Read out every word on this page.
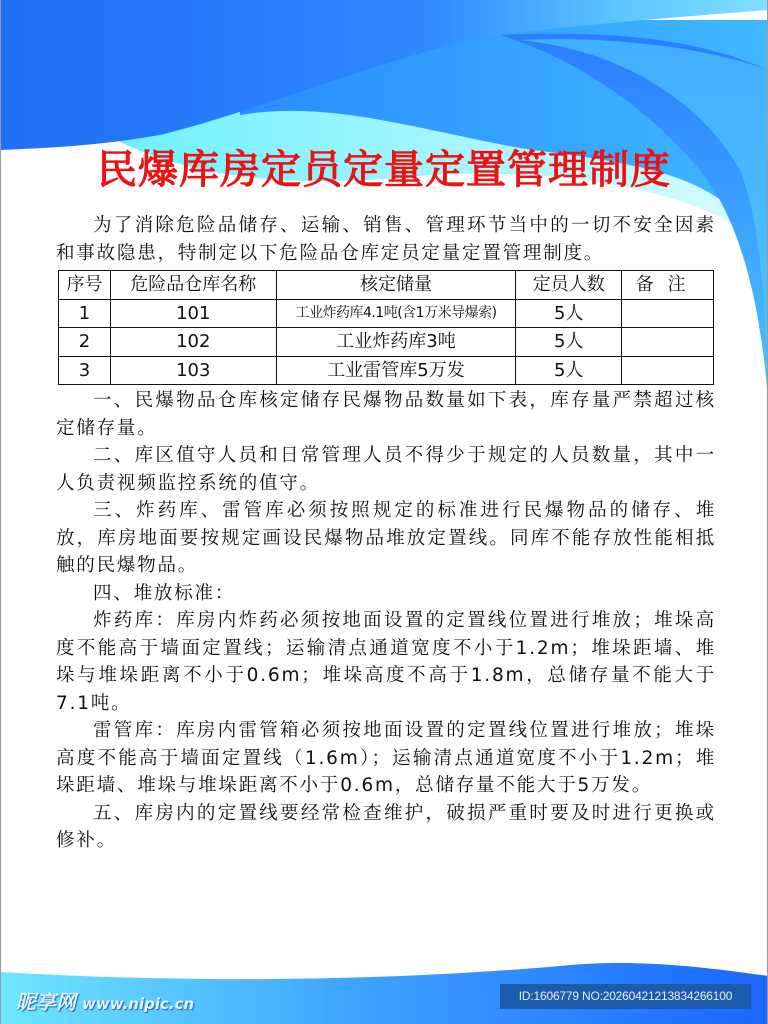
民爆库房定员定量定置管理制度

为了消除危险品储存、运输、销售、管理环节当中的一切不安全因素和事故隐患，特制定以下危险品仓库定员定量定置管理制度。

序号	危险品仓库名称	核定储量	定员人数	备注
1	101	工业炸药库4.1吨(含1万米导爆索)	5人	
2	102	工业炸药库3吨	5人	
3	103	工业雷管库5万发	5人	

一、民爆物品仓库核定储存民爆物品数量如下表，库存量严禁超过核定储存量。

二、库区值守人员和日常管理人员不得少于规定的人员数量，其中一人负责视频监控系统的值守。

三、炸药库、雷管库必须按照规定的标准进行民爆物品的储存、堆放，库房地面要按规定画设民爆物品堆放定置线。同库不能存放性能相抵触的民爆物品。

四、堆放标准：

炸药库：库房内炸药必须按地面设置的定置线位置进行堆放；堆垛高度不能高于墙面定置线；运输清点通道宽度不小于1.2m；堆垛距墙、堆垛与堆垛距离不小于0.6m；堆垛高度不高于1.8m，总储存量不能大于7.1吨。

雷管库：库房内雷管箱必须按地面设置的定置线位置进行堆放；堆垛高度不能高于墙面定置线（1.6m）；运输清点通道宽度不小于1.2m；堆垛距墙、堆垛与堆垛距离不小于0.6m，总储存量不能大于5万发。

五、库房内的定置线要经常检查维护，破损严重时要及时进行更换或修补。

昵享网 www.nipic.cn	ID:1606779 NO:20260421213834266100
